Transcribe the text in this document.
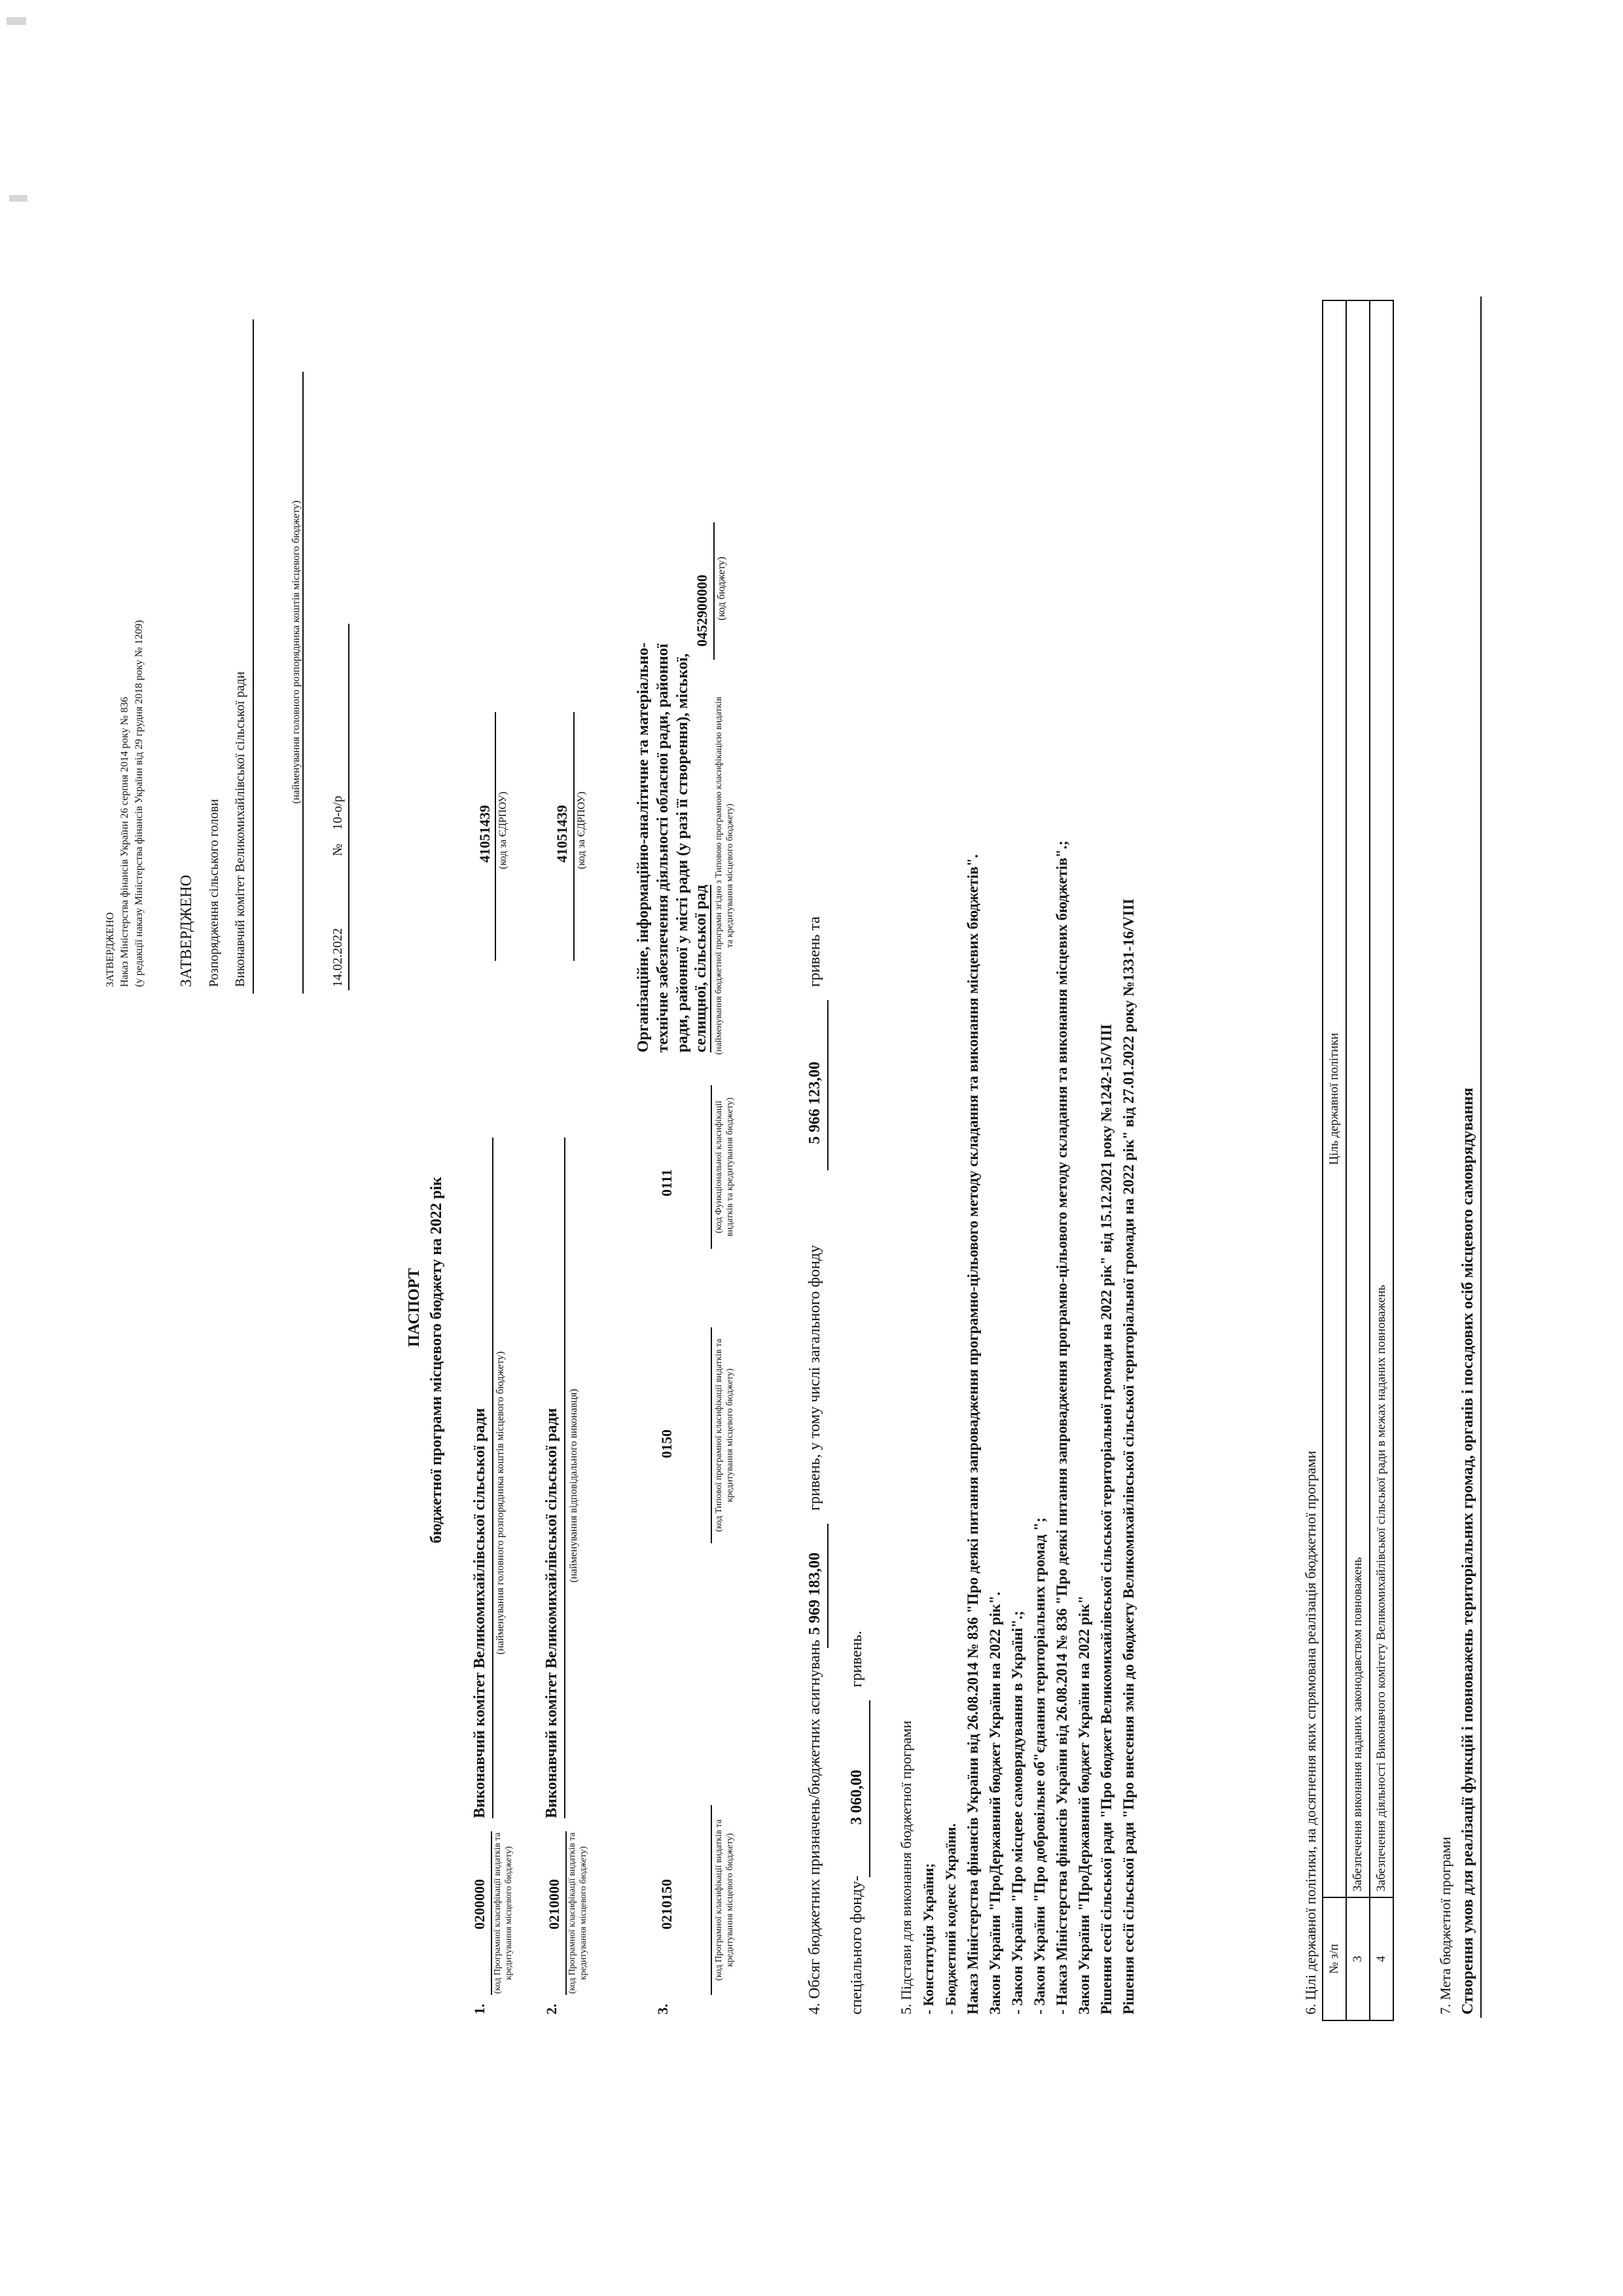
ЗАТВЕРДЖЕНО Наказ Міністерства фінансів України 26 серпня 2014 року № 836 (у редакції наказу Міністерства фінансів України від 29 грудня 2018 року № 1209) ЗАТВЕРДЖЕНО Розпорядження сільського голови Виконавчий комітет Великомихайлівської сільської ради
(найменування головного розпорядника коштів місцевого бюджету)
14.02.2022
№
10-о/р
ПАСПОРТ бюджетної програми місцевого бюджету на 2022 рік
1.
0200000 (код Програмної класифікації видатків та кредитування місцевого бюджету)
Виконавчий комітет Великомихайлівської сільської ради (найменування головного розпорядника коштів місцевого бюджету)
41051439 (код за ЄДРПОУ)
2.
0210000 (код Програмної класифікації видатків та кредитування місцевого бюджету)
Виконавчий комітет Великомихайлівської сільської ради (найменування відповідального виконавця)
41051439 (код за ЄДРПОУ)
3.
0210150	(код Програмної класифікації видатків та кредитування місцевого бюджету)
0150	(код Типової програмної класифікації видатків та кредитування місцевого бюджету)
0111	(код Функціональної класифікації видатків та кредитування бюджету)
Організаційне, інформаційно-аналітичне та матеріально- технічне забезпечення діяльності обласної ради, районної ради, районної у місті ради (у разі її створення), міської, селищної, сільської рад (найменування бюджетної програми згідно з Типовою програмною класифікацією видатків та кредитування місцевого бюджету)
0452900000 (код бюджету)
4. Обсяг бюджетних призначень/бюджетних асигнувань
5 969 183,00
гривень, у тому числі загального фонду
5 966 123,00
гривень та
спеціального фонду-
3 060,00
гривень.
5. Підстави для виконання бюджетної програми - Конституція України; - Бюджетний кодекс України. Наказ Міністерства фінансів України від 26.08.2014 № 836 "Про деякі питання запровадження програмно-цільового методу складання та виконання місцевих бюджетів". Закон України "ПроДержавний бюджет України на 2022 рік". - Закон України "Про місцеве самоврядування в Україні".; - Закон України "Про добровільне об"єднання територіальних громад "; - Наказ Міністерства фінансів України від 26.08.2014 № 836 "Про деякі питання запровадження програмно-цільового методу складання та виконання місцевих бюджетів".; Закон України "ПроДержавний бюджет України на 2022 рік" Рішення сесії сільської ради "Про бюджет Великомихайлівської сільської територіальної громади на 2022 рік" від 15.12.2021 року №1242-15/VIII Рішення сесії сільської ради "Про внесення змін до бюджету Великомихайлівської сільської територіальної громади на 2022 рік" від 27.01.2022 року №1331-16/VIII	6. Цілі державної політики, на досягнення яких спрямована реалізація бюджетної програми № з/п	Ціль державної політики
3	Забезпечення виконання наданих законодавством повноважень
4	Забезпечення діяльності Виконавчого комітету Великомихайлівської сільської ради в межах наданих повноважень
7. Мета бюджетної програми Створення умов для реалізації функцій і повноважень територіальних громад, органів і посадових осіб місцевого самоврядування
